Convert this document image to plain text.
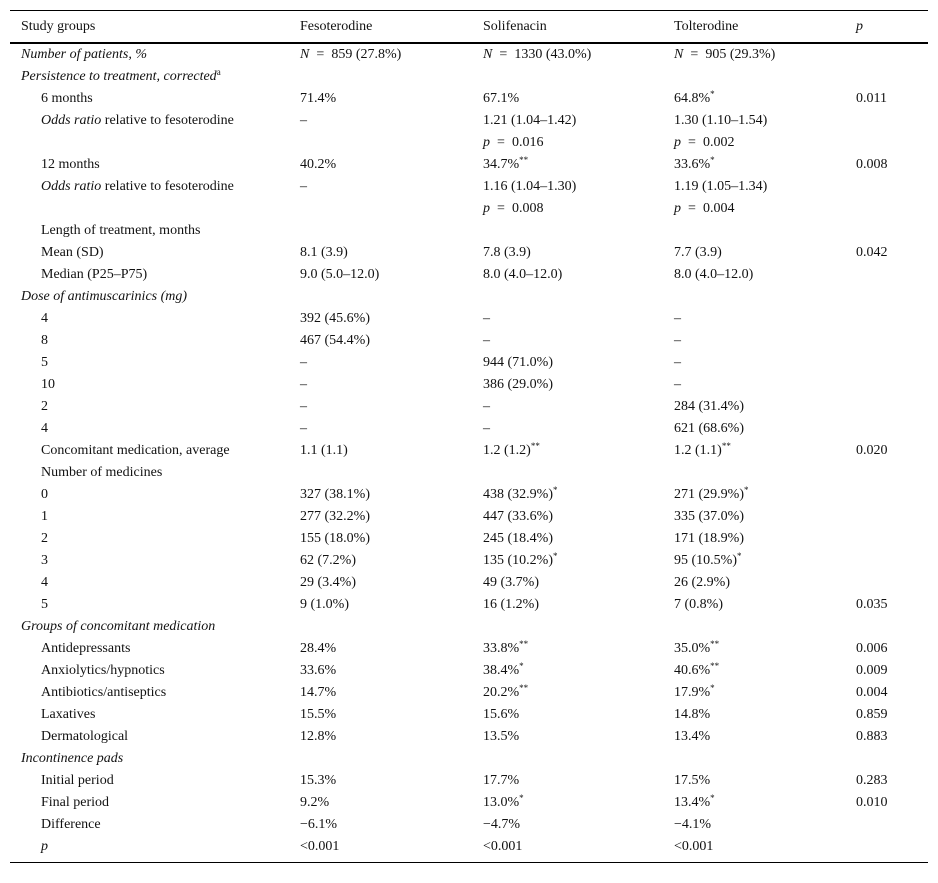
Study groups	Fesoterodine	Solifenacin	Tolterodine	p
Number of patients, %	N = 859 (27.8%)	N = 1330 (43.0%)	N = 905 (29.3%)	
Persistence to treatment, corrected$^a$				
6 months	71.4%	67.1%	64.8%*	0.011
Odds ratio relative to fesoterodine	–	1.21 (1.04–1.42)	1.30 (1.10–1.54)	
		p = 0.016	p = 0.002	
12 months	40.2%	34.7%**	33.6%*	0.008
Odds ratio relative to fesoterodine	–	1.16 (1.04–1.30)	1.19 (1.05–1.34)	
		p = 0.008	p = 0.004	
Length of treatment, months				
Mean (SD)	8.1 (3.9)	7.8 (3.9)	7.7 (3.9)	0.042
Median (P25–P75)	9.0 (5.0–12.0)	8.0 (4.0–12.0)	8.0 (4.0–12.0)	
Dose of antimuscarinics (mg)				
4	392 (45.6%)	–	–	
8	467 (54.4%)	–	–	
5	–	944 (71.0%)	–	
10	–	386 (29.0%)	–	
2	–	–	284 (31.4%)	
4	–	–	621 (68.6%)	
Concomitant medication, average	1.1 (1.1)	1.2 (1.2)**	1.2 (1.1)**	0.020
Number of medicines				
0	327 (38.1%)	438 (32.9%)*	271 (29.9%)*	
1	277 (32.2%)	447 (33.6%)	335 (37.0%)	
2	155 (18.0%)	245 (18.4%)	171 (18.9%)	
3	62 (7.2%)	135 (10.2%)*	95 (10.5%)*	
4	29 (3.4%)	49 (3.7%)	26 (2.9%)	
5	9 (1.0%)	16 (1.2%)	7 (0.8%)	0.035
Groups of concomitant medication				
Antidepressants	28.4%	33.8%**	35.0%**	0.006
Anxiolytics/hypnotics	33.6%	38.4%*	40.6%**	0.009
Antibiotics/antiseptics	14.7%	20.2%**	17.9%*	0.004
Laxatives	15.5%	15.6%	14.8%	0.859
Dermatological	12.8%	13.5%	13.4%	0.883
Incontinence pads				
Initial period	15.3%	17.7%	17.5%	0.283
Final period	9.2%	13.0%*	13.4%*	0.010
Difference	−6.1%	−4.7%	−4.1%	
p	<0.001	<0.001	<0.001	
